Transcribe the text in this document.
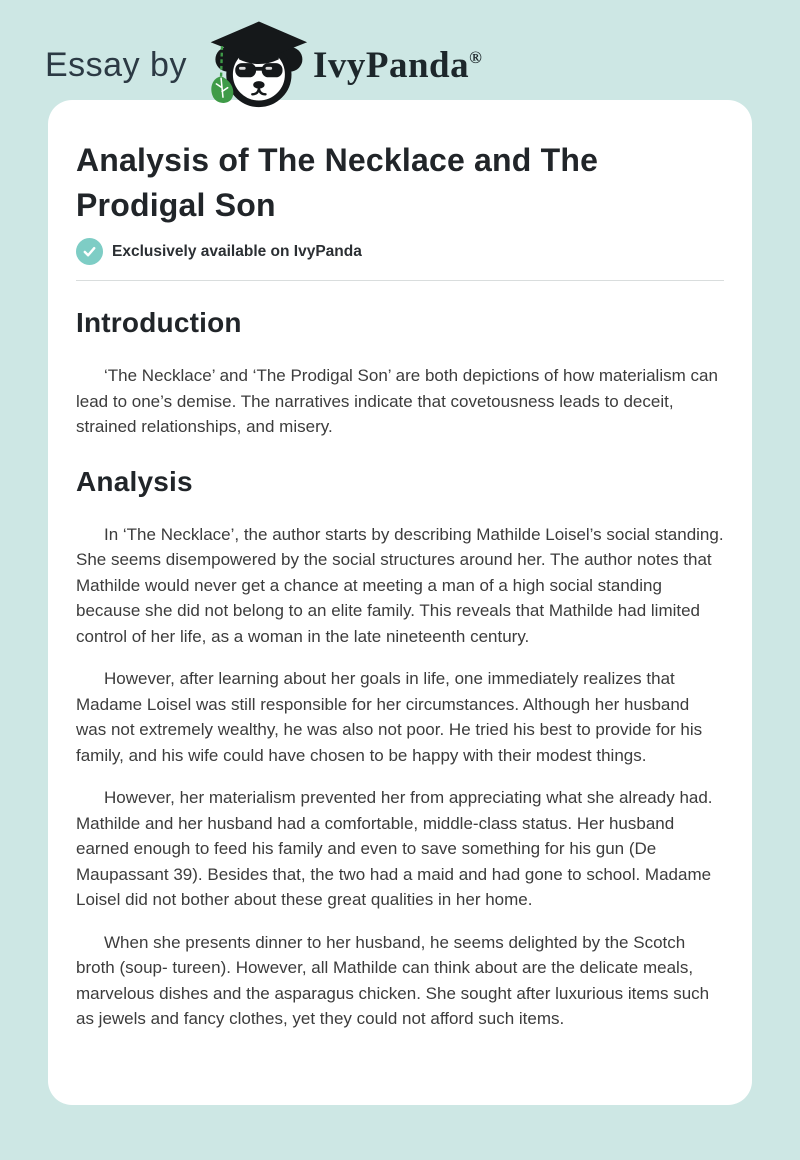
Essay by	IvyPanda®
Analysis of The Necklace and The Prodigal Son
Exclusively available on IvyPanda
Introduction

‘The Necklace’ and ‘The Prodigal Son’ are both depictions of how materialism can lead to one’s demise. The narratives indicate that covetousness leads to deceit, strained relationships, and misery.

Analysis

In ‘The Necklace’, the author starts by describing Mathilde Loisel’s social standing. She seems disempowered by the social structures around her. The author notes that Mathilde would never get a chance at meeting a man of a high social standing because she did not belong to an elite family. This reveals that Mathilde had limited control of her life, as a woman in the late nineteenth century.

However, after learning about her goals in life, one immediately realizes that Madame Loisel was still responsible for her circumstances. Although her husband was not extremely wealthy, he was also not poor. He tried his best to provide for his family, and his wife could have chosen to be happy with their modest things.

However, her materialism prevented her from appreciating what she already had. Mathilde and her husband had a comfortable, middle-class status. Her husband earned enough to feed his family and even to save something for his gun (De Maupassant 39). Besides that, the two had a maid and had gone to school. Madame Loisel did not bother about these great qualities in her home.

When she presents dinner to her husband, he seems delighted by the Scotch broth (soup- tureen). However, all Mathilde can think about are the delicate meals, marvelous dishes and the asparagus chicken. She sought after luxurious items such as jewels and fancy clothes, yet they could not afford such items.
